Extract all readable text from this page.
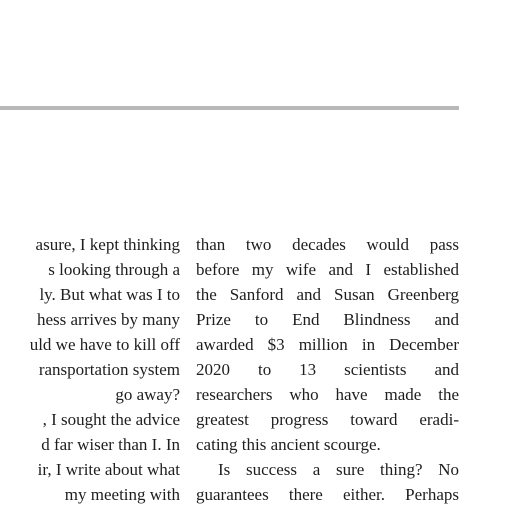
asure, I kept thinking
s looking through a
ly. But what was I to
hess arrives by many
uld we have to kill off
ransportation system
go away?
, I sought the advice
d far wiser than I. In
ir, I write about what
my meeting with
than two decades would pass
before my wife and I established
the Sanford and Susan Greenberg
Prize to End Blindness and
awarded $3 million in December
2020 to 13 scientists and
researchers who have made the
greatest progress toward eradi-
cating this ancient scourge.
Is success a sure thing? No
guarantees there either. Perhaps
